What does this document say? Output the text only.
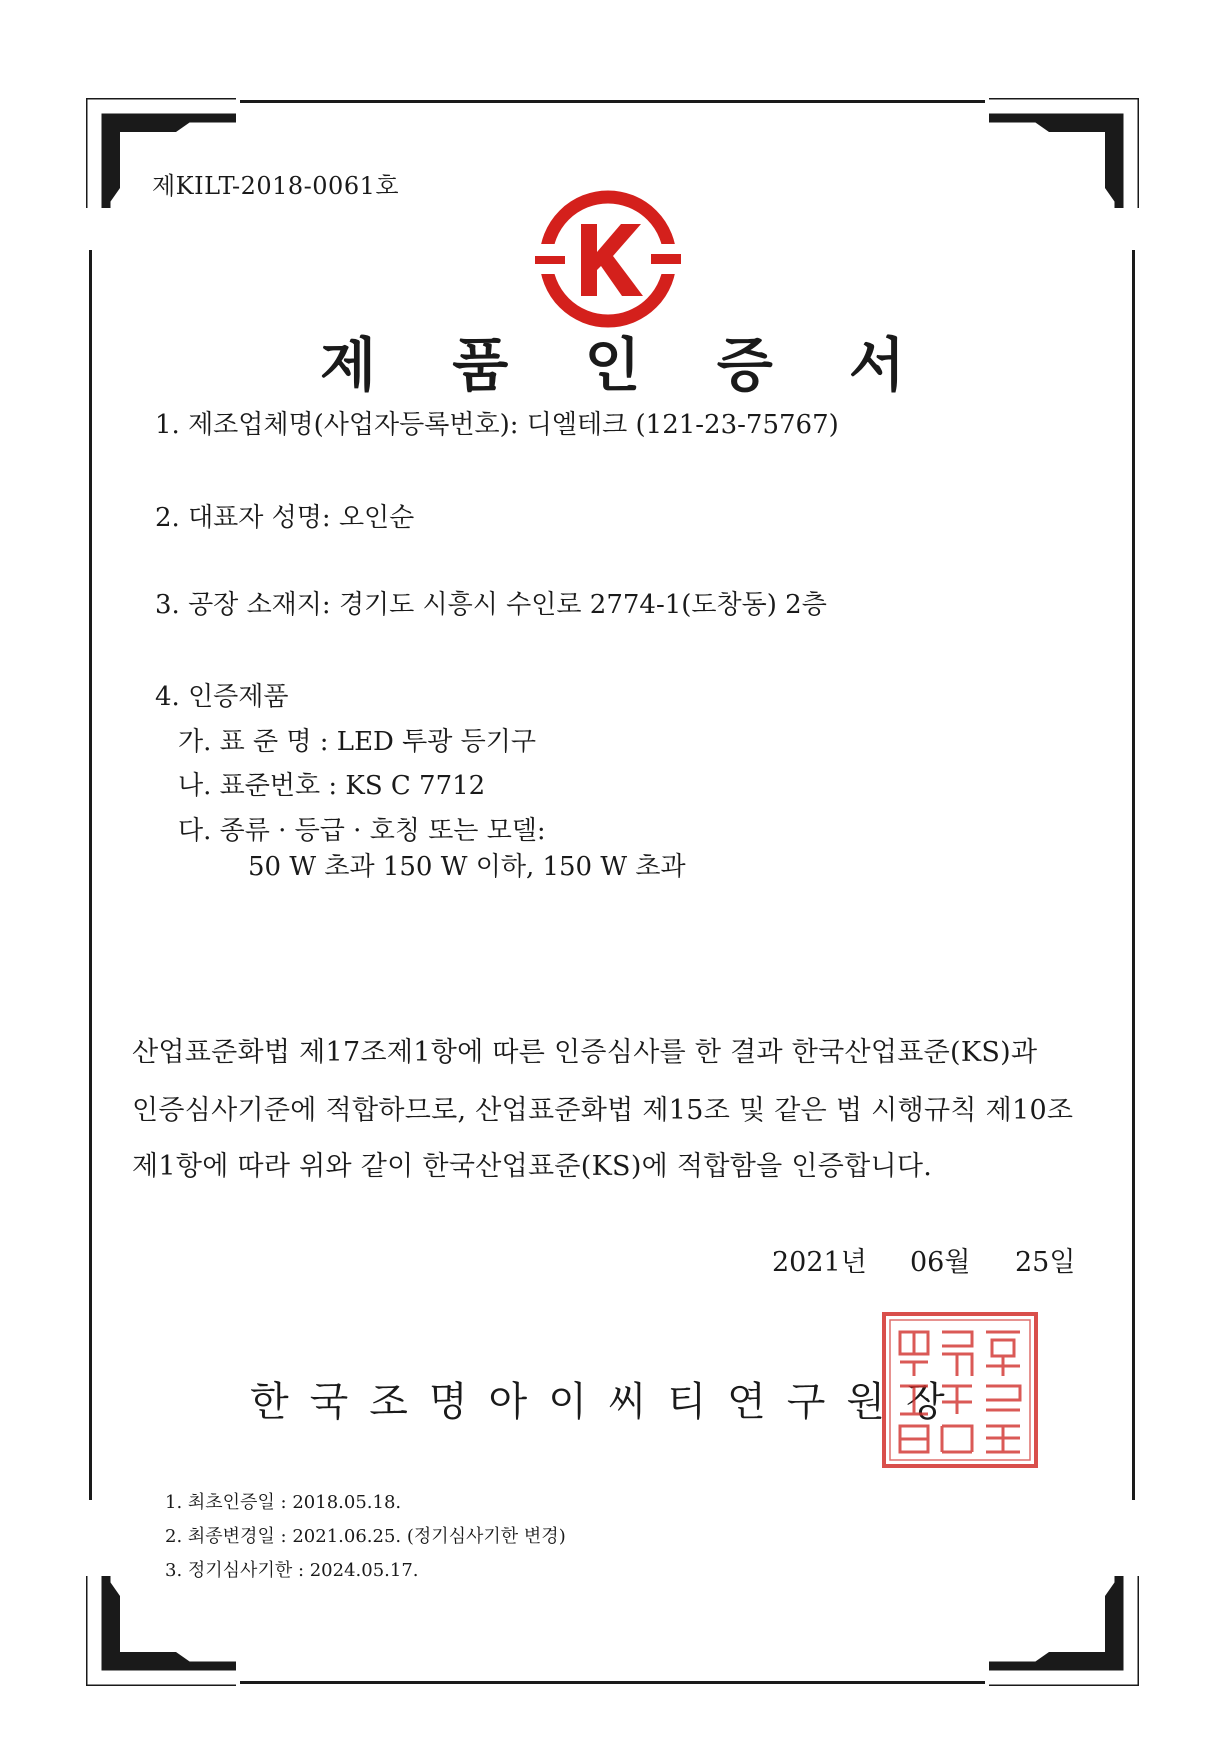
제KILT-2018-0061호
제 품 인 증 서
1. 제조업체명(사업자등록번호): 디엘테크 (121-23-75767)
2. 대표자 성명: 오인순
3. 공장 소재지: 경기도 시흥시 수인로 2774-1(도창동) 2층
4. 인증제품
가. 표 준 명 : LED 투광 등기구
나. 표준번호 : KS C 7712
다. 종류 · 등급 · 호칭 또는 모델:
50 W 초과 150 W 이하, 150 W 초과
산업표준화법 제17조제1항에 따른 인증심사를 한 결과 한국산업표준(KS)과
인증심사기준에 적합하므로, 산업표준화법 제15조 및 같은 법 시행규칙 제10조
제1항에 따라 위와 같이 한국산업표준(KS)에 적합함을 인증합니다.
2021년 06월 25일
한국조명아이씨티연구원장
1. 최초인증일 : 2018.05.18.
2. 최종변경일 : 2021.06.25. (정기심사기한 변경)
3. 정기심사기한 : 2024.05.17.
